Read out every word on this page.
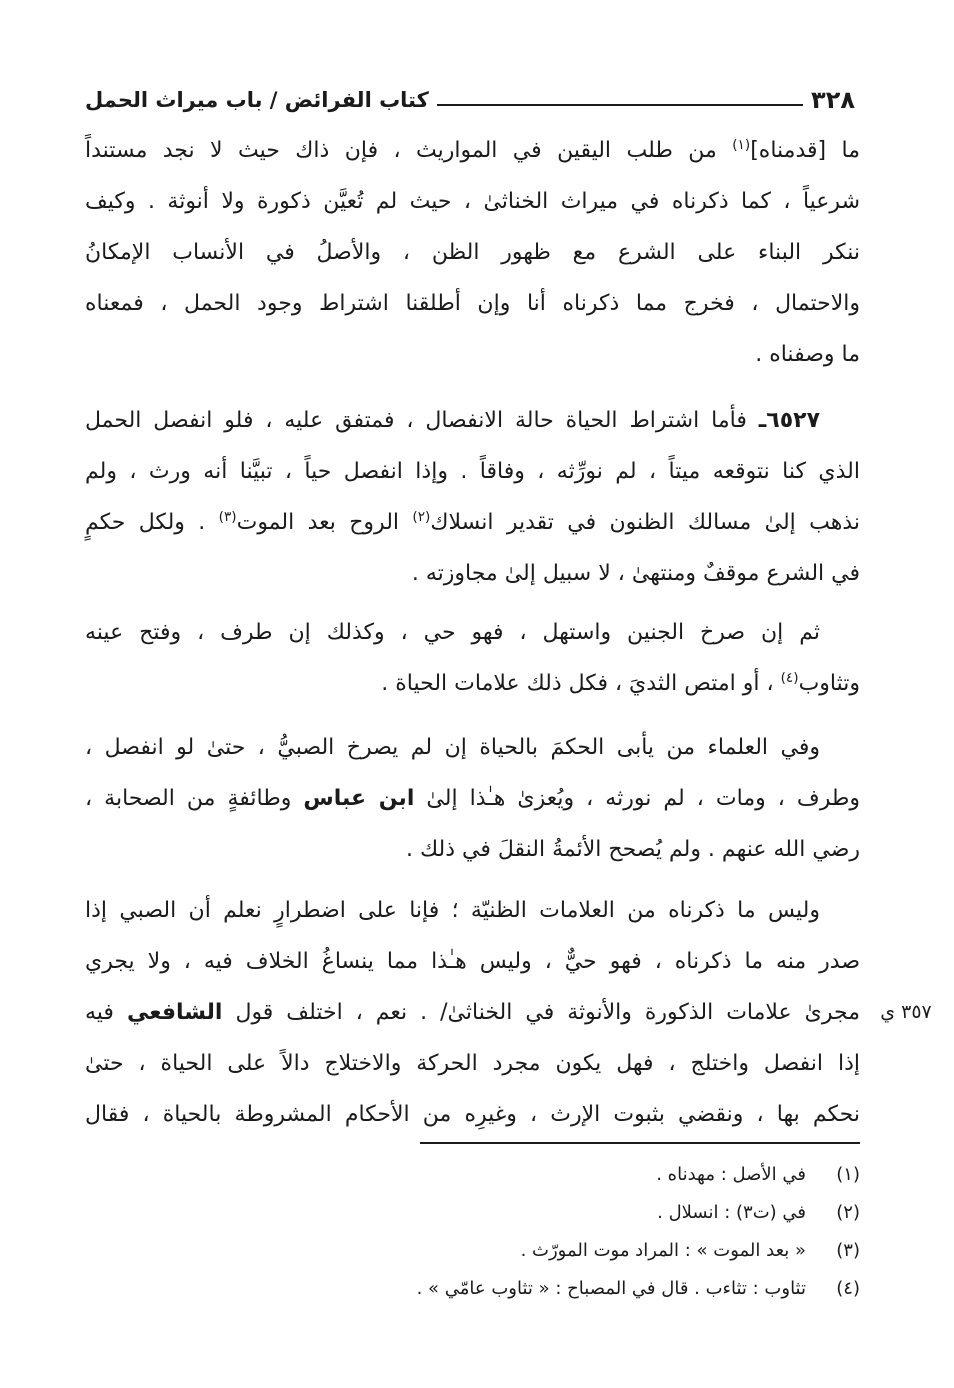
٣٢٨
كتاب الفرائض / باب ميراث الحمل
ما [قدمناه]$^{(١)}$ من طلب اليقين في المواريث ، فإن ذاك حيث لا نجد مستنداً
شرعياً ، كما ذكرناه في ميراث الخناثىٰ ، حيث لم تُعيَّن ذكورة ولا أنوثة . وكيف
ننكر البناء على الشرع مع ظهور الظن ، والأصلُ في الأنساب الإمكانُ
والاحتمال ، فخرج مما ذكرناه أنا وإن أطلقنا اشتراط وجود الحمل ، فمعناه
ما وصفناه .
٦٥٢٧ـ فأما اشتراط الحياة حالة الانفصال ، فمتفق عليه ، فلو انفصل الحمل
الذي كنا نتوقعه ميتاً ، لم نورِّثه ، وفاقاً . وإذا انفصل حياً ، تبيَّنا أنه ورث ، ولم
نذهب إلىٰ مسالك الظنون في تقدير انسلاك$^{(٢)}$ الروح بعد الموت$^{(٣)}$ . ولكل حكمٍ
في الشرع موقفٌ ومنتهىٰ ، لا سبيل إلىٰ مجاوزته .
ثم إن صرخ الجنين واستهل ، فهو حي ، وكذلك إن طرف ، وفتح عينه
وتثاوب$^{(٤)}$ ، أو امتص الثديَ ، فكل ذلك علامات الحياة .
وفي العلماء من يأبى الحكمَ بالحياة إن لم يصرخ الصبيُّ ، حتىٰ لو انفصل ،
وطرف ، ومات ، لم نورثه ، ويُعزىٰ هـٰذا إلىٰ ابن عباس وطائفةٍ من الصحابة ،
رضي الله عنهم . ولم يُصحح الأئمةُ النقلَ في ذلك .
وليس ما ذكرناه من العلامات الظنيّة ؛ فإنا على اضطرارٍ نعلم أن الصبي إذا
صدر منه ما ذكرناه ، فهو حيٌّ ، وليس هـٰذا مما ينساغُ الخلاف فيه ، ولا يجري
مجرىٰ علامات الذكورة والأنوثة في الخناثىٰ/ . نعم ، اختلف قول الشافعي فيه
إذا انفصل واختلج ، فهل يكون مجرد الحركة والاختلاج دالاً على الحياة ، حتىٰ
نحكم بها ، ونقضي بثبوت الإرث ، وغيرِه من الأحكام المشروطة بالحياة ، فقال
٣٥٧ ي
(١)
في الأصل : مهدناه .
(٢)
في (ت٣) : انسلال .
(٣)
« بعد الموت » : المراد موت المورّث .
(٤)
تثاوب : تثاءب . قال في المصباح : « تثاوب عامّي » .
